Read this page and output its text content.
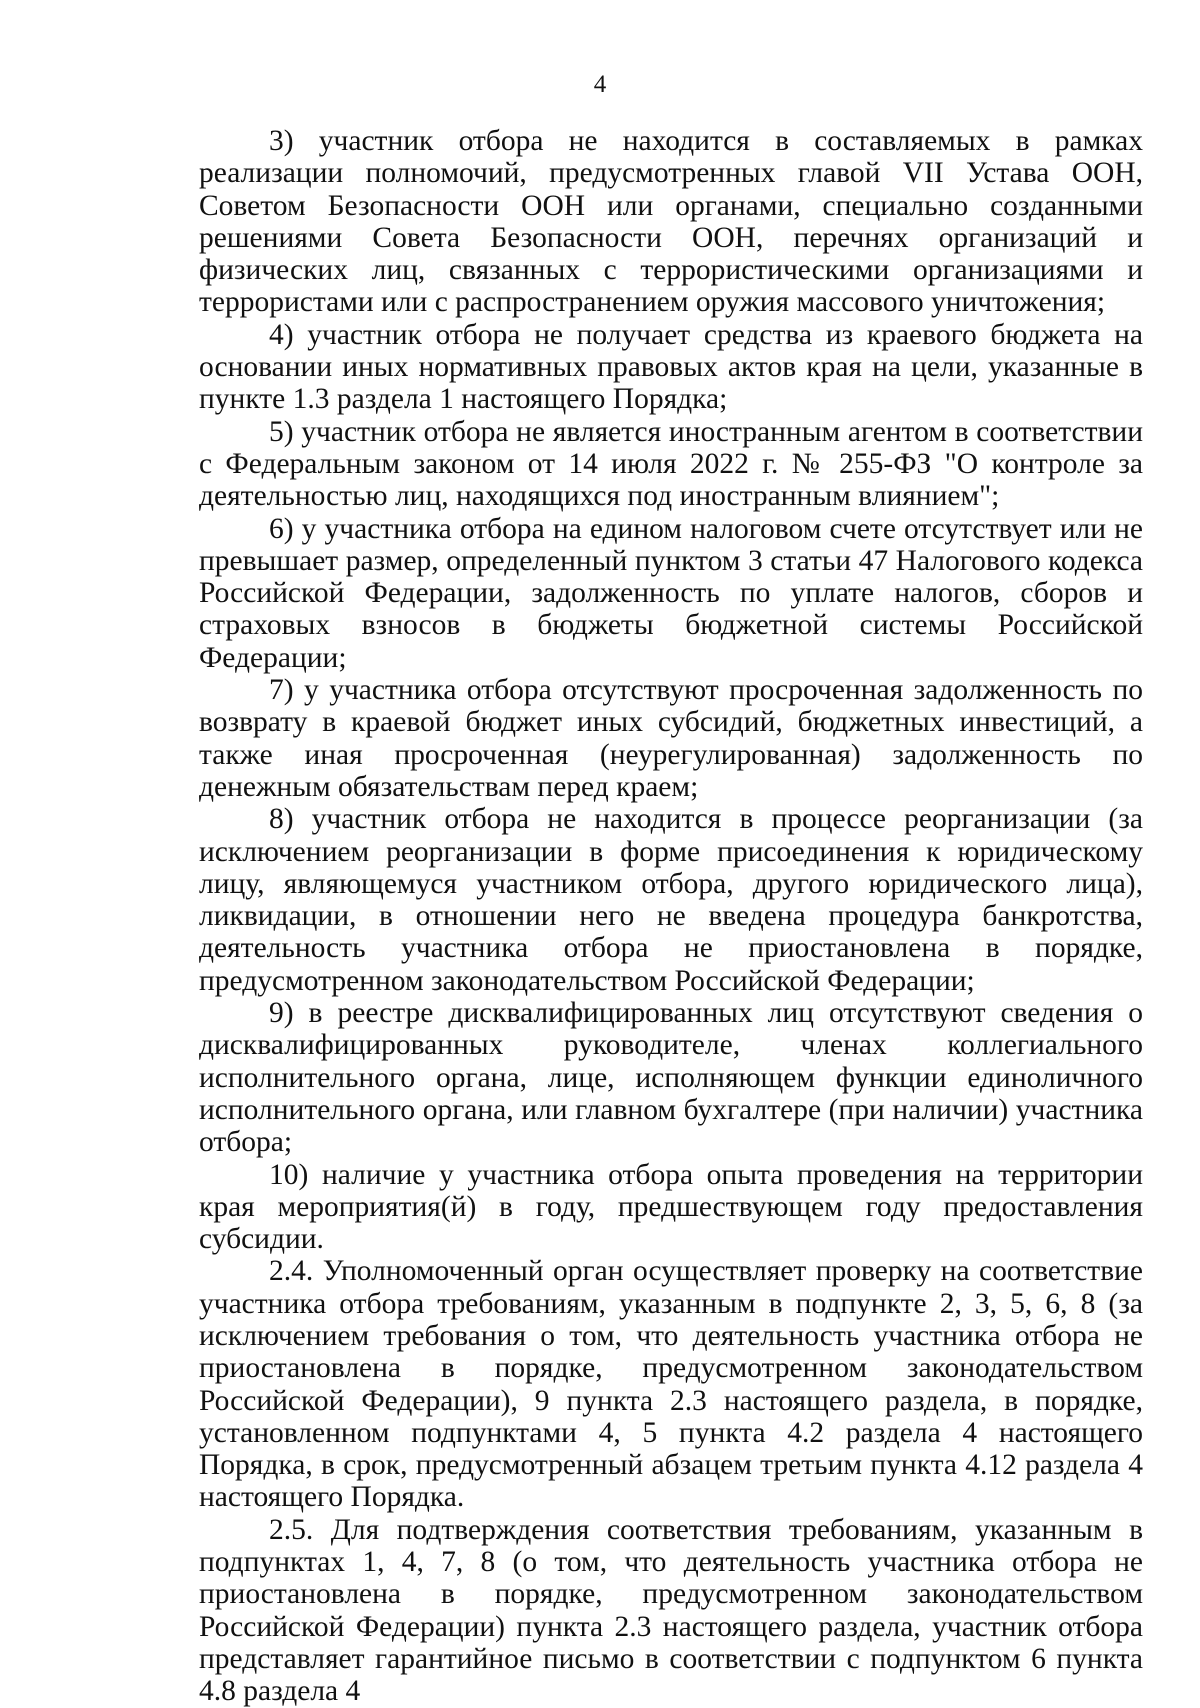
4

3) участник отбора не находится в составляемых в рамках реализации полномочий, предусмотренных главой VII Устава ООН, Советом Безопасности ООН или органами, специально созданными решениями Совета Безопасности ООН, перечнях организаций и физических лиц, связанных с террористическими организациями и террористами или с распространением оружия массового уничтожения;

4) участник отбора не получает средства из краевого бюджета на основании иных нормативных правовых актов края на цели, указанные в пункте 1.3 раздела 1 настоящего Порядка;

5) участник отбора не является иностранным агентом в соответствии с Федеральным законом от 14 июля 2022 г. № 255-ФЗ "О контроле за деятельностью лиц, находящихся под иностранным влиянием";

6) у участника отбора на едином налоговом счете отсутствует или не превышает размер, определенный пунктом 3 статьи 47 Налогового кодекса Российской Федерации, задолженность по уплате налогов, сборов и страховых взносов в бюджеты бюджетной системы Российской Федерации;

7) у участника отбора отсутствуют просроченная задолженность по возврату в краевой бюджет иных субсидий, бюджетных инвестиций, а также иная просроченная (неурегулированная) задолженность по денежным обязательствам перед краем;

8) участник отбора не находится в процессе реорганизации (за исключением реорганизации в форме присоединения к юридическому лицу, являющемуся участником отбора, другого юридического лица), ликвидации, в отношении него не введена процедура банкротства, деятельность участника отбора не приостановлена в порядке, предусмотренном законодательством Российской Федерации;

9) в реестре дисквалифицированных лиц отсутствуют сведения о дисквалифицированных руководителе, членах коллегиального исполнительного органа, лице, исполняющем функции единоличного исполнительного органа, или главном бухгалтере (при наличии) участника отбора;

10) наличие у участника отбора опыта проведения на территории края мероприятия(й) в году, предшествующем году предоставления субсидии.

2.4. Уполномоченный орган осуществляет проверку на соответствие участника отбора требованиям, указанным в подпункте 2, 3, 5, 6, 8 (за исключением требования о том, что деятельность участника отбора не приостановлена в порядке, предусмотренном законодательством Российской Федерации), 9 пункта 2.3 настоящего раздела, в порядке, установленном подпунктами 4, 5 пункта 4.2 раздела 4 настоящего Порядка, в срок, предусмотренный абзацем третьим пункта 4.12 раздела 4 настоящего Порядка.

2.5. Для подтверждения соответствия требованиям, указанным в подпунктах 1, 4, 7, 8 (о том, что деятельность участника отбора не приостановлена в порядке, предусмотренном законодательством Российской Федерации) пункта 2.3 настоящего раздела, участник отбора представляет гарантийное письмо в соответствии с подпунктом 6 пункта 4.8 раздела 4
